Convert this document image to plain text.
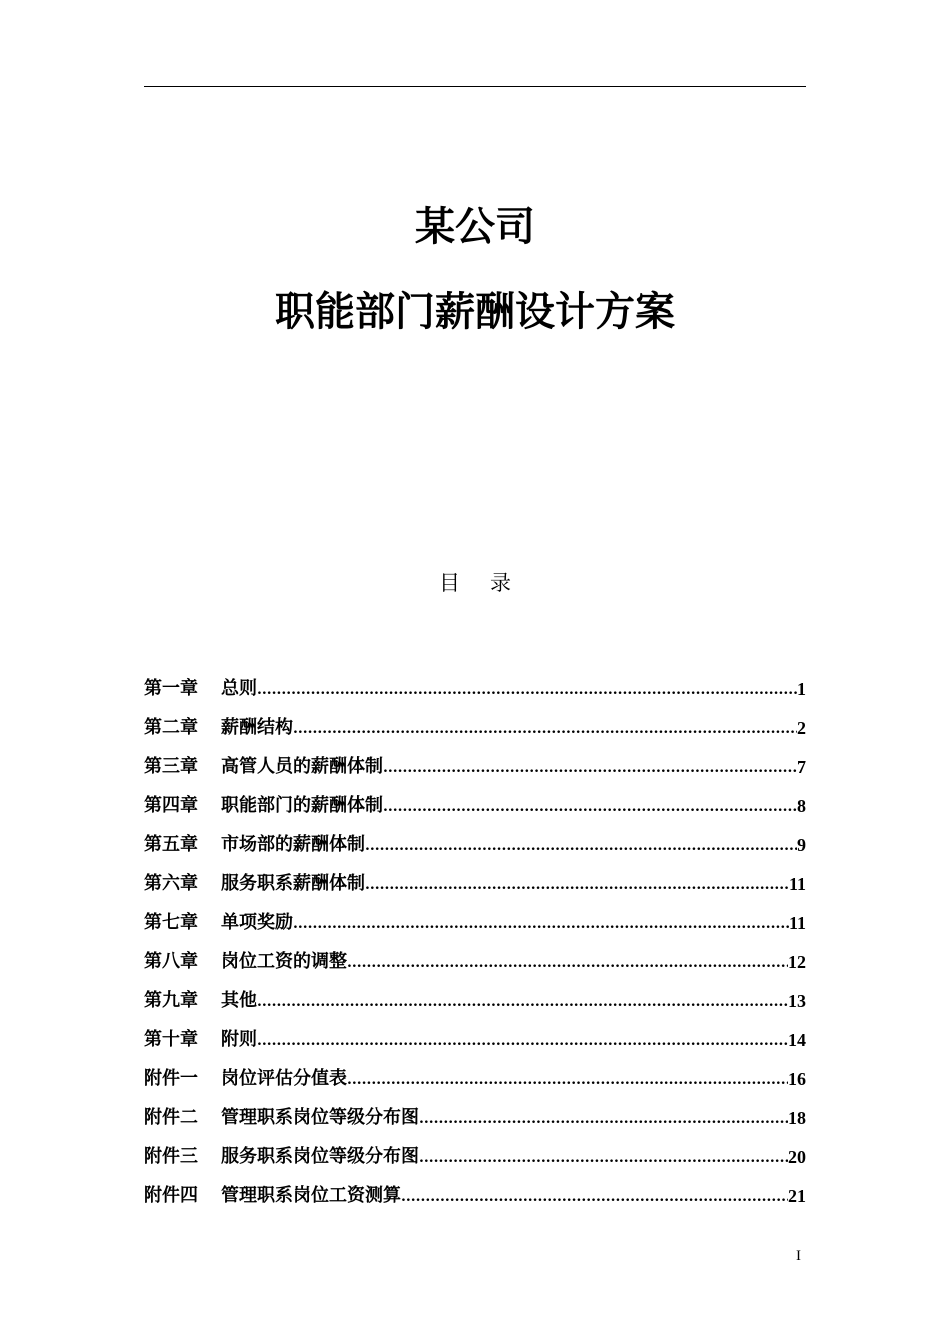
某公司
职能部门薪酬设计方案
目 录
第一章	总则 .....	1
第二章	薪酬结构 .....	2
第三章	高管人员的薪酬体制 .....	7
第四章	职能部门的薪酬体制 .....	8
第五章	市场部的薪酬体制 .....	9
第六章	服务职系薪酬体制 .....	11
第七章	单项奖励 .....	11
第八章	岗位工资的调整 .....	12
第九章	其他 .....	13
第十章	附则 .....	14
附件一	岗位评估分值表 .....	16
附件二	管理职系岗位等级分布图 .....	18
附件三	服务职系岗位等级分布图 .....	20
附件四	管理职系岗位工资测算 .....	21
I
